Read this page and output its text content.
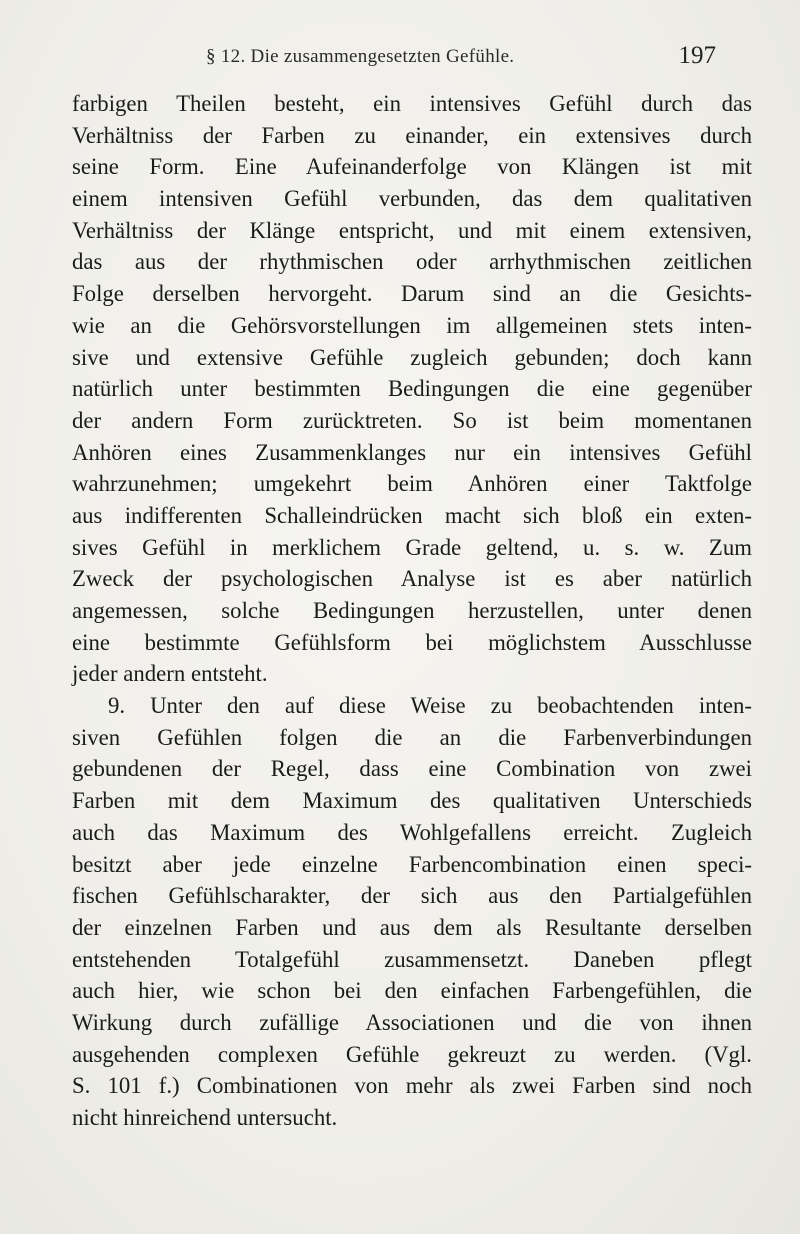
§ 12. Die zusammengesetzten Gefühle.	197
farbigen Theilen besteht, ein intensives Gefühl durch das
Verhältniss der Farben zu einander, ein extensives durch
seine Form. Eine Aufeinanderfolge von Klängen ist mit
einem intensiven Gefühl verbunden, das dem qualitativen
Verhältniss der Klänge entspricht, und mit einem extensiven,
das aus der rhythmischen oder arrhythmischen zeitlichen
Folge derselben hervorgeht. Darum sind an die Gesichts-
wie an die Gehörsvorstellungen im allgemeinen stets inten-
sive und extensive Gefühle zugleich gebunden; doch kann
natürlich unter bestimmten Bedingungen die eine gegenüber
der andern Form zurücktreten. So ist beim momentanen
Anhören eines Zusammenklanges nur ein intensives Gefühl
wahrzunehmen; umgekehrt beim Anhören einer Taktfolge
aus indifferenten Schalleindrücken macht sich bloß ein exten-
sives Gefühl in merklichem Grade geltend, u. s. w. Zum
Zweck der psychologischen Analyse ist es aber natürlich
angemessen, solche Bedingungen herzustellen, unter denen
eine bestimmte Gefühlsform bei möglichstem Ausschlusse
jeder andern entsteht.
9. Unter den auf diese Weise zu beobachtenden inten-
siven Gefühlen folgen die an die Farbenverbindungen
gebundenen der Regel, dass eine Combination von zwei
Farben mit dem Maximum des qualitativen Unterschieds
auch das Maximum des Wohlgefallens erreicht. Zugleich
besitzt aber jede einzelne Farbencombination einen speci-
fischen Gefühlscharakter, der sich aus den Partialgefühlen
der einzelnen Farben und aus dem als Resultante derselben
entstehenden Totalgefühl zusammensetzt. Daneben pflegt
auch hier, wie schon bei den einfachen Farbengefühlen, die
Wirkung durch zufällige Associationen und die von ihnen
ausgehenden complexen Gefühle gekreuzt zu werden. (Vgl.
S. 101 f.) Combinationen von mehr als zwei Farben sind noch
nicht hinreichend untersucht.
